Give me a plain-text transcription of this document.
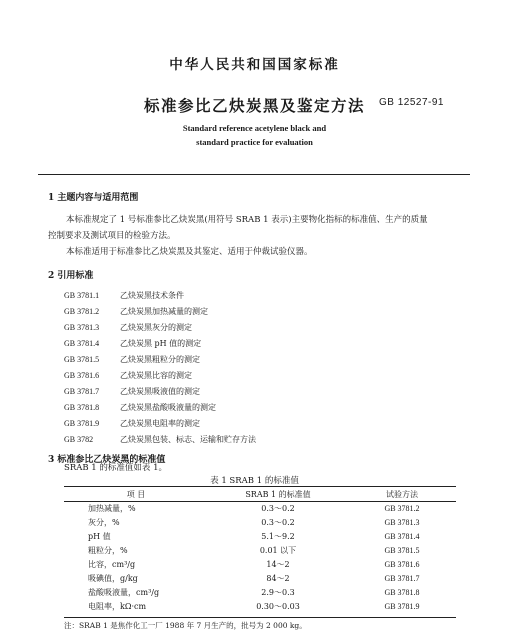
中华人民共和国国家标准
标准参比乙炔炭黑及鉴定方法	GB 12527-91
Standard reference acetylene black and
standard practice for evaluation
1 主题内容与适用范围
本标准规定了 1 号标准参比乙炔炭黑(用符号 SRAB 1 表示)主要物化指标的标准值、生产的质量
控制要求及测试项目的检验方法。
本标准适用于标准参比乙炔炭黑及其鉴定、适用于仲裁试验仪器。
2 引用标准
GB 3781.1	乙炔炭黑技术条件
GB 3781.2	乙炔炭黑加热减量的测定
GB 3781.3	乙炔炭黑灰分的测定
GB 3781.4	乙炔炭黑 pH 值的测定
GB 3781.5	乙炔炭黑粗粒分的测定
GB 3781.6	乙炔炭黑比容的测定
GB 3781.7	乙炔炭黑吸液值的测定
GB 3781.8	乙炔炭黑盐酸吸液量的测定
GB 3781.9	乙炔炭黑电阻率的测定
GB 3782	乙炔炭黑包装、标志、运输和贮存方法
3 标准参比乙炔炭黑的标准值
SRAB 1 的标准值如表 1。
表 1 SRAB 1 的标准值
项 目	SRAB 1 的标准值	试验方法
加热减量，%	0.3～0.2	GB 3781.2
灰分，%	0.3～0.2	GB 3781.3
pH 值	5.1～9.2	GB 3781.4
粗粒分，%	0.01 以下	GB 3781.5
比容，cm³/g	14～2	GB 3781.6
吸碘值，g/kg	84～2	GB 3781.7
盐酸吸液量，cm³/g	2.9～0.3	GB 3781.8
电阻率，kΩ·cm	0.30～0.03	GB 3781.9
注：SRAB 1 是焦作化工一厂 1988 年 7 月生产的，批号为 2 000 kg。
